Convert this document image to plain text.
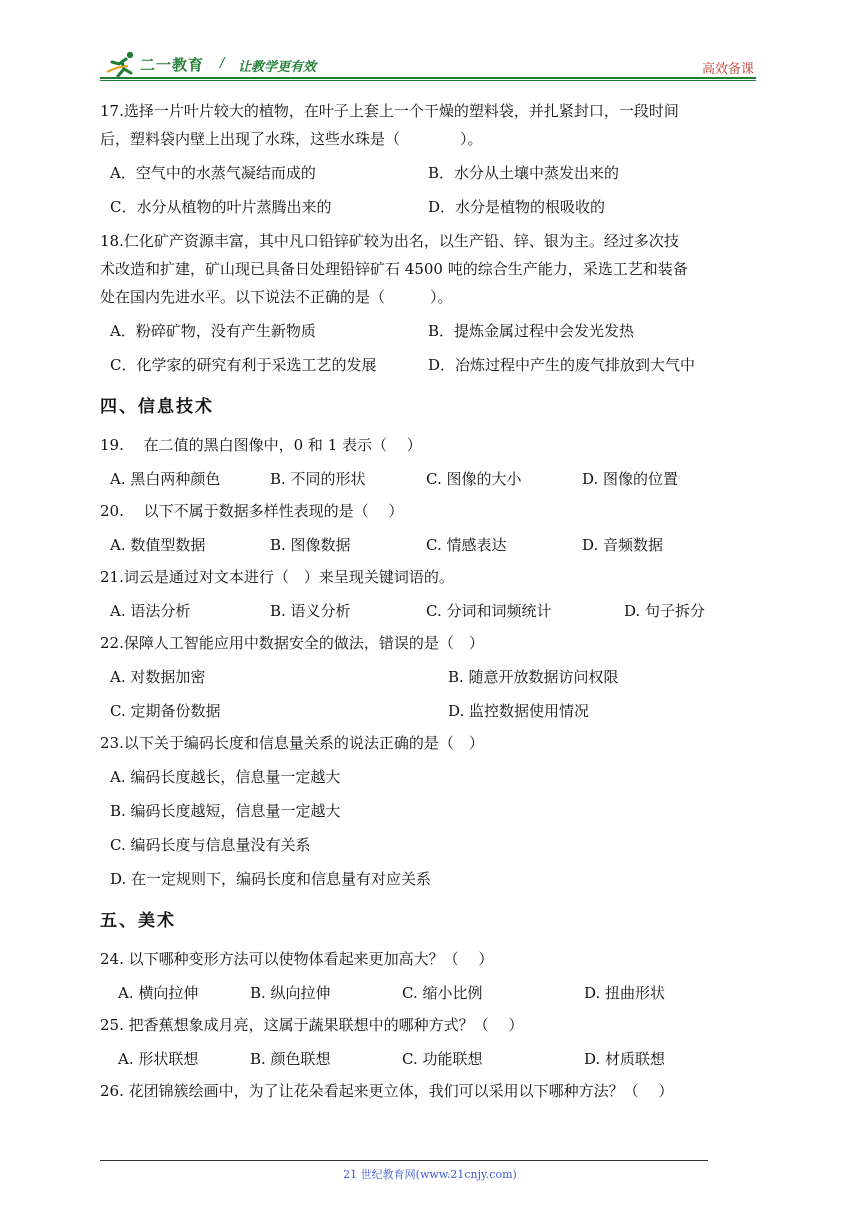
二一教育 / 让教学更有效	高效备课

17.选择一片叶片较大的植物，在叶子上套上一个干燥的塑料袋，并扎紧封口，一段时间
后，塑料袋内壁上出现了水珠，这些水珠是（　　　　）。

A．空气中的水蒸气凝结而成的	B．水分从土壤中蒸发出来的
C．水分从植物的叶片蒸腾出来的	D．水分是植物的根吸收的

18.仁化矿产资源丰富，其中凡口铅锌矿较为出名，以生产铅、锌、银为主。经过多次技
术改造和扩建，矿山现已具备日处理铅锌矿石 4500 吨的综合生产能力，采选工艺和装备
处在国内先进水平。以下说法不正确的是（　　　）。

A．粉碎矿物，没有产生新物质	B．提炼金属过程中会发光发热
C．化学家的研究有利于采选工艺的发展	D．冶炼过程中产生的废气排放到大气中
四、信息技术

19.　 在二值的黑白图像中，0 和 1 表示（　 ）

A. 黑白两种颜色	B. 不同的形状	C. 图像的大小	D. 图像的位置

20.　 以下不属于数据多样性表现的是（　 ）

A. 数值型数据	B. 图像数据	C. 情感表达	D. 音频数据

21.词云是通过对文本进行（　）来呈现关键词语的。

A. 语法分析	B. 语义分析	C. 分词和词频统计	D. 句子拆分

22.保障人工智能应用中数据安全的做法，错误的是（　）

A. 对数据加密	B. 随意开放数据访问权限
C. 定期备份数据	D. 监控数据使用情况

23.以下关于编码长度和信息量关系的说法正确的是（　）

A. 编码长度越长，信息量一定越大
B. 编码长度越短，信息量一定越大
C. 编码长度与信息量没有关系
D. 在一定规则下，编码长度和信息量有对应关系
五、美术

24. 以下哪种变形方法可以使物体看起来更加高大？（　 ）

A. 横向拉伸	B. 纵向拉伸	C. 缩小比例	D. 扭曲形状

25. 把香蕉想象成月亮，这属于蔬果联想中的哪种方式？（　 ）

A. 形状联想	B. 颜色联想	C. 功能联想	D. 材质联想

26. 花团锦簇绘画中，为了让花朵看起来更立体，我们可以采用以下哪种方法？（　 ）

21 世纪教育网(www.21cnjy.com)
